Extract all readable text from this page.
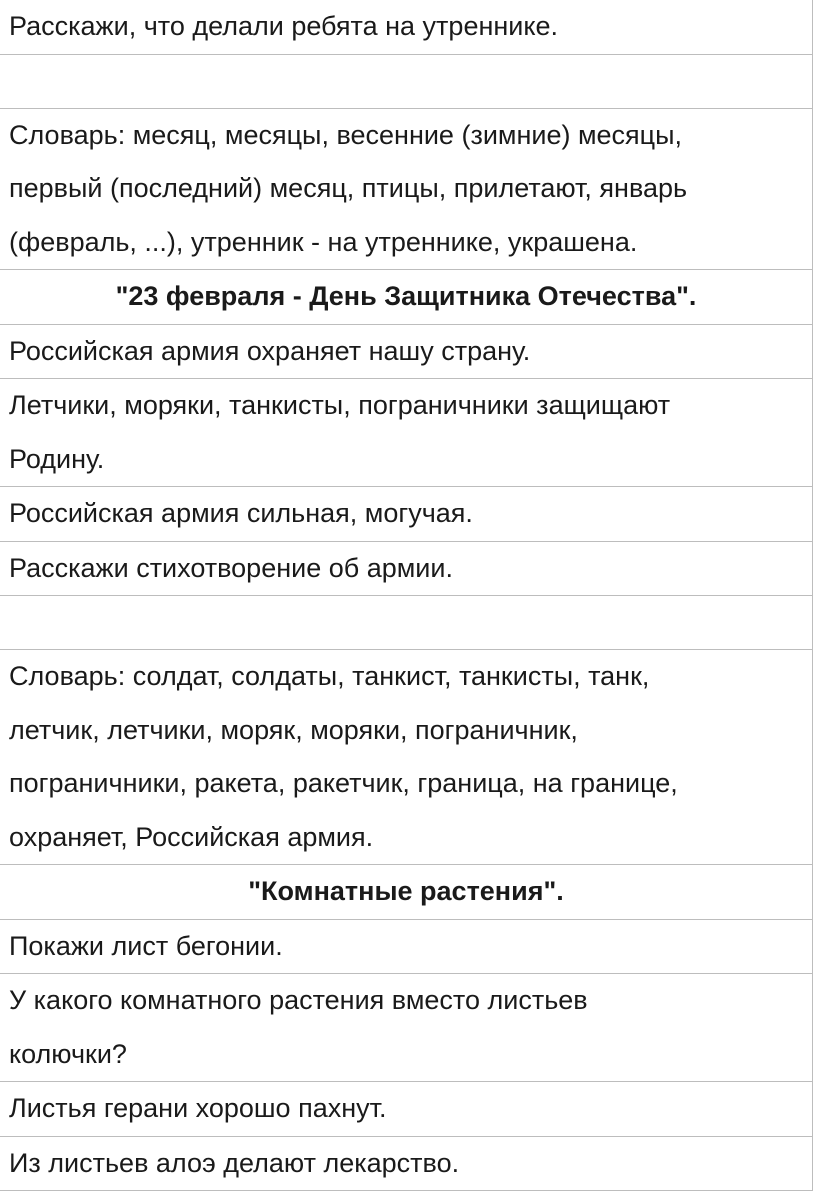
Расскажи, что делали ребята на утреннике.

Словарь: месяц, месяцы, весенние (зимние) месяцы,
первый (последний) месяц, птицы, прилетают, январь
(февраль, ...), утренник - на утреннике, украшена.

"23 февраля - День Защитника Отечества".

Российская армия охраняет нашу страну.

Летчики, моряки, танкисты, пограничники защищают
Родину.

Российская армия сильная, могучая.

Расскажи стихотворение об армии.

Словарь: солдат, солдаты, танкист, танкисты, танк,
летчик, летчики, моряк, моряки, пограничник,
пограничники, ракета, ракетчик, граница, на границе,
охраняет, Российская армия.

"Комнатные растения".

Покажи лист бегонии.

У какого комнатного растения вместо листьев
колючки?

Листья герани хорошо пахнут.

Из листьев алоэ делают лекарство.
